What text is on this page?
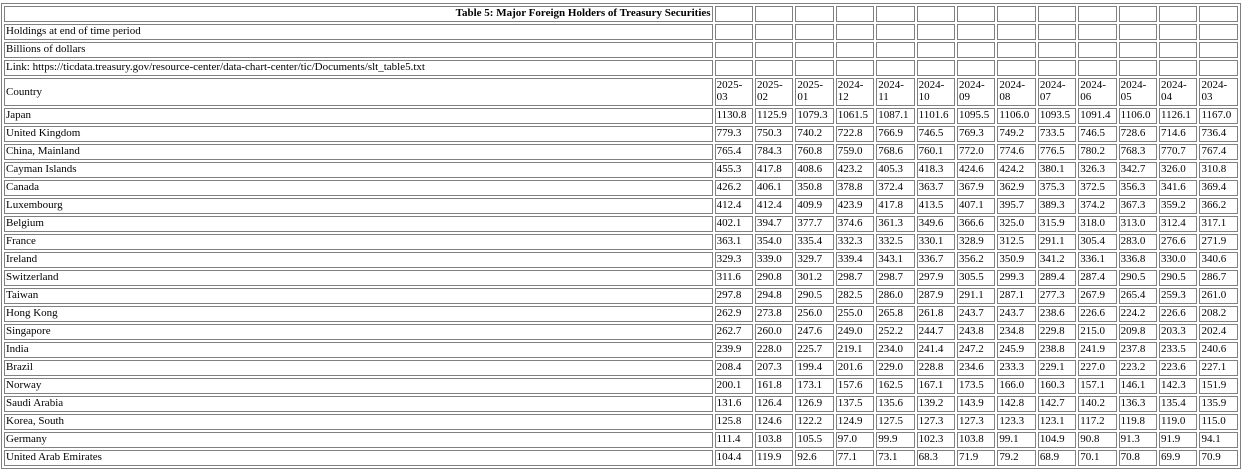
Table 5: Major Foreign Holders of Treasury Securities													
Holdings at end of time period													
Billions of dollars													
Link: https://ticdata.treasury.gov/resource-center/data-chart-center/tic/Documents/slt_table5.txt													
Country	2025-03	2025-02	2025-01	2024-12	2024-11	2024-10	2024-09	2024-08	2024-07	2024-06	2024-05	2024-04	2024-03
Japan	1130.8	1125.9	1079.3	1061.5	1087.1	1101.6	1095.5	1106.0	1093.5	1091.4	1106.0	1126.1	1167.0
United Kingdom	779.3	750.3	740.2	722.8	766.9	746.5	769.3	749.2	733.5	746.5	728.6	714.6	736.4
China, Mainland	765.4	784.3	760.8	759.0	768.6	760.1	772.0	774.6	776.5	780.2	768.3	770.7	767.4
Cayman Islands	455.3	417.8	408.6	423.2	405.3	418.3	424.6	424.2	380.1	326.3	342.7	326.0	310.8
Canada	426.2	406.1	350.8	378.8	372.4	363.7	367.9	362.9	375.3	372.5	356.3	341.6	369.4
Luxembourg	412.4	412.4	409.9	423.9	417.8	413.5	407.1	395.7	389.3	374.2	367.3	359.2	366.2
Belgium	402.1	394.7	377.7	374.6	361.3	349.6	366.6	325.0	315.9	318.0	313.0	312.4	317.1
France	363.1	354.0	335.4	332.3	332.5	330.1	328.9	312.5	291.1	305.4	283.0	276.6	271.9
Ireland	329.3	339.0	329.7	339.4	343.1	336.7	356.2	350.9	341.2	336.1	336.8	330.0	340.6
Switzerland	311.6	290.8	301.2	298.7	298.7	297.9	305.5	299.3	289.4	287.4	290.5	290.5	286.7
Taiwan	297.8	294.8	290.5	282.5	286.0	287.9	291.1	287.1	277.3	267.9	265.4	259.3	261.0
Hong Kong	262.9	273.8	256.0	255.0	265.8	261.8	243.7	243.7	238.6	226.6	224.2	226.6	208.2
Singapore	262.7	260.0	247.6	249.0	252.2	244.7	243.8	234.8	229.8	215.0	209.8	203.3	202.4
India	239.9	228.0	225.7	219.1	234.0	241.4	247.2	245.9	238.8	241.9	237.8	233.5	240.6
Brazil	208.4	207.3	199.4	201.6	229.0	228.8	234.6	233.3	229.1	227.0	223.2	223.6	227.1
Norway	200.1	161.8	173.1	157.6	162.5	167.1	173.5	166.0	160.3	157.1	146.1	142.3	151.9
Saudi Arabia	131.6	126.4	126.9	137.5	135.6	139.2	143.9	142.8	142.7	140.2	136.3	135.4	135.9
Korea, South	125.8	124.6	122.2	124.9	127.5	127.3	127.3	123.3	123.1	117.2	119.8	119.0	115.0
Germany	111.4	103.8	105.5	97.0	99.9	102.3	103.8	99.1	104.9	90.8	91.3	91.9	94.1
United Arab Emirates	104.4	119.9	92.6	77.1	73.1	68.3	71.9	79.2	68.9	70.1	70.8	69.9	70.9
